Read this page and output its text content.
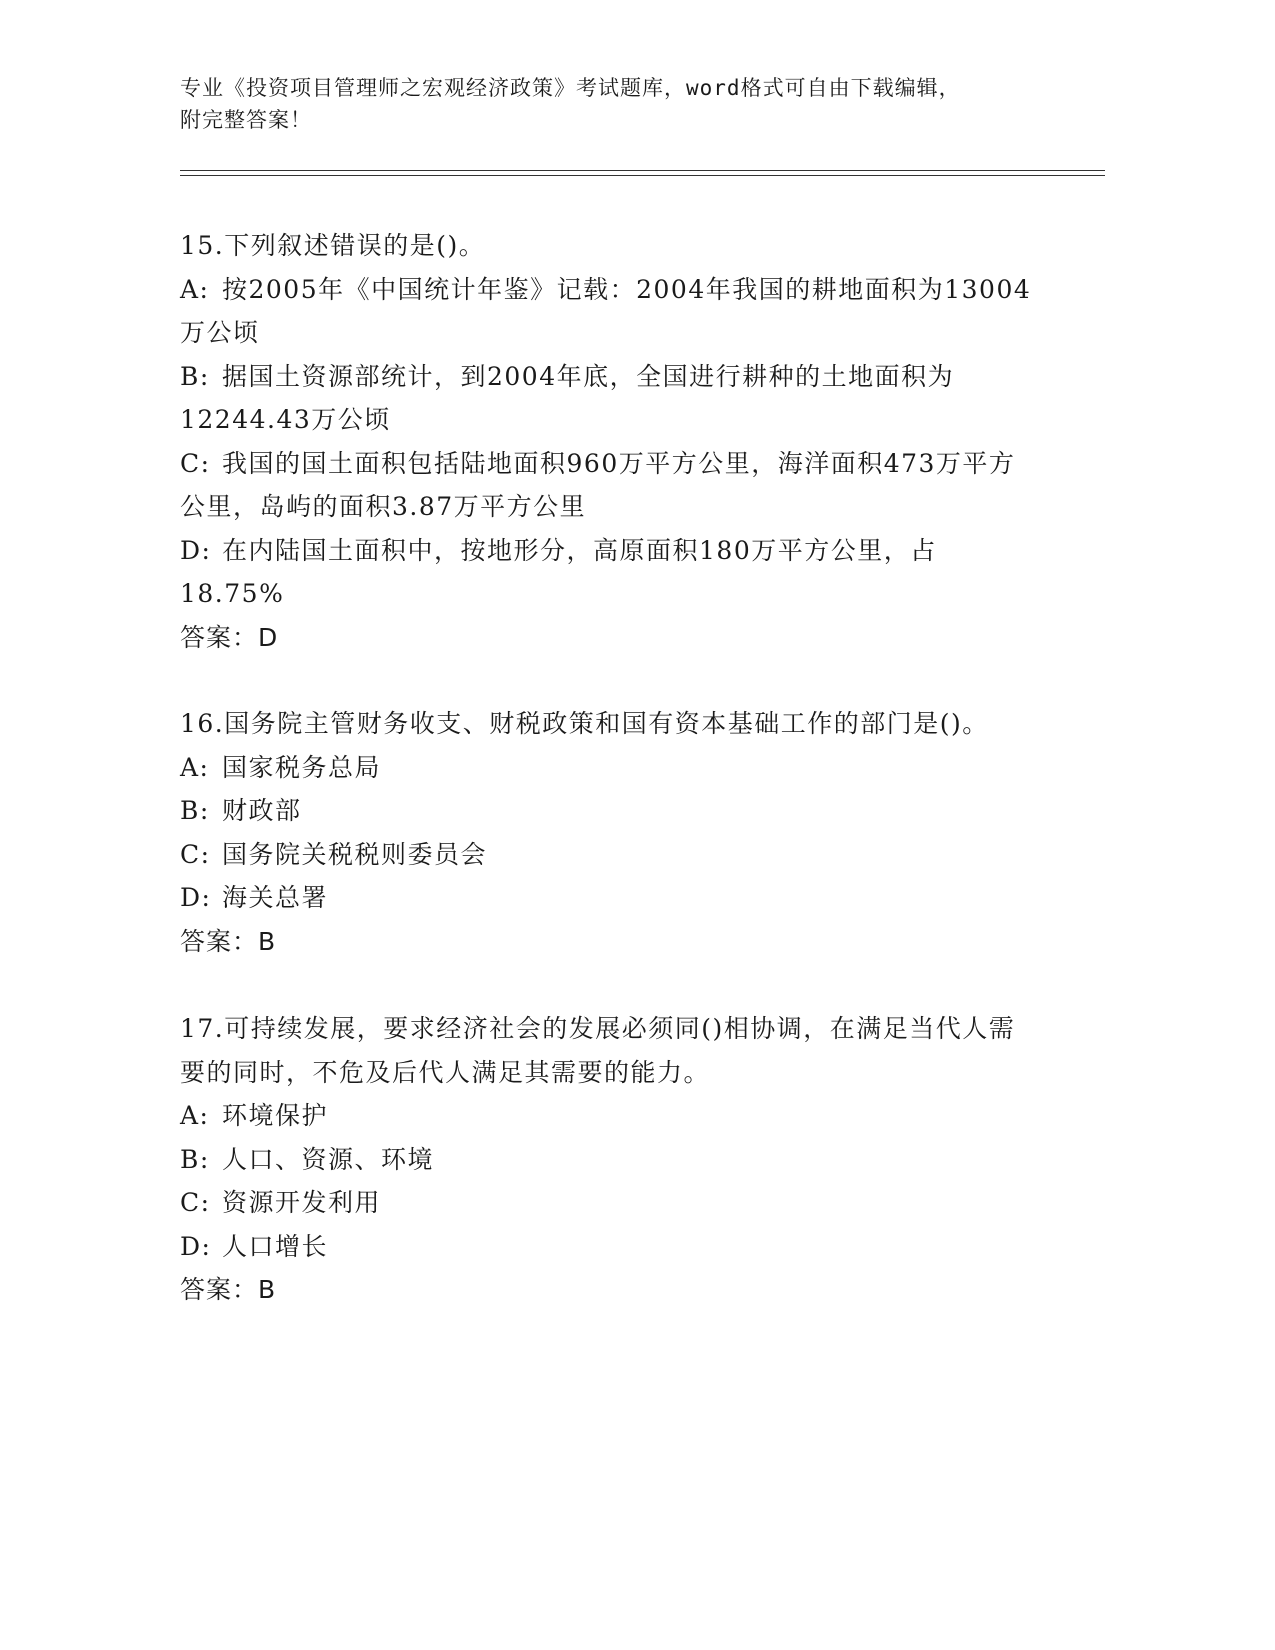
专业《投资项目管理师之宏观经济政策》考试题库，word格式可自由下载编辑，
附完整答案！
15.下列叙述错误的是()。
A: 按2005年《中国统计年鉴》记载：2004年我国的耕地面积为13004万公顷
B: 据国土资源部统计，到2004年底，全国进行耕种的土地面积为12244.43万公顷
C: 我国的国土面积包括陆地面积960万平方公里，海洋面积473万平方公里，岛屿的面积3.87万平方公里
D: 在内陆国土面积中，按地形分，高原面积180万平方公里，占18.75%
答案：D
16.国务院主管财务收支、财税政策和国有资本基础工作的部门是()。
A: 国家税务总局
B: 财政部
C: 国务院关税税则委员会
D: 海关总署
答案：B
17.可持续发展，要求经济社会的发展必须同()相协调，在满足当代人需要的同时，不危及后代人满足其需要的能力。
A: 环境保护
B: 人口、资源、环境
C: 资源开发利用
D: 人口增长
答案：B
